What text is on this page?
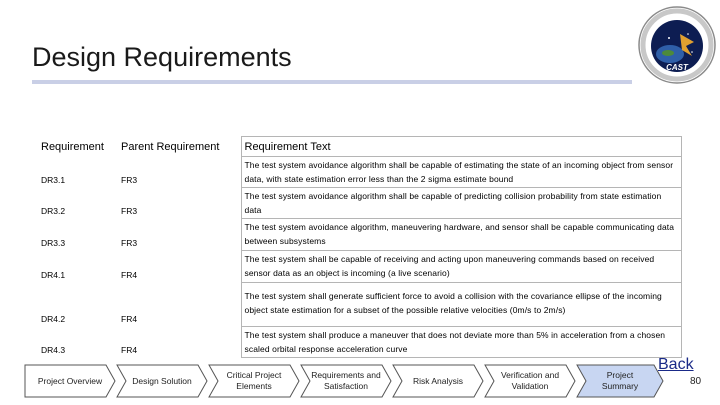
Design Requirements	CAST
Requirement	Parent Requirement	Requirement Text
DR3.1	FR3	The test system avoidance algorithm shall be capable of estimating the state of an incoming object from sensor data, with state estimation error less than the 2 sigma estimate bound
DR3.2	FR3	The test system avoidance algorithm shall be capable of predicting collision probability from state estimation data
DR3.3	FR3	The test system avoidance algorithm, maneuvering hardware, and sensor shall be capable communicating data between subsystems
DR4.1	FR4	The test system shall be capable of receiving and acting upon maneuvering commands based on received sensor data as an object is incoming (a live scenario)
DR4.2	FR4	The test system shall generate sufficient force to avoid a collision with the covariance ellipse of the incoming object state estimation for a subset of the possible relative velocities (0m/s to 2m/s)
DR4.3	FR4	The test system shall produce a maneuver that does not deviate more than 5% in acceleration from a chosen scaled orbital response acceleration curve
Project Overview	Design Solution
Critical Project Elements
Requirements and Satisfaction
Risk Analysis
Verification and Validation
Project Summary
Back
80
